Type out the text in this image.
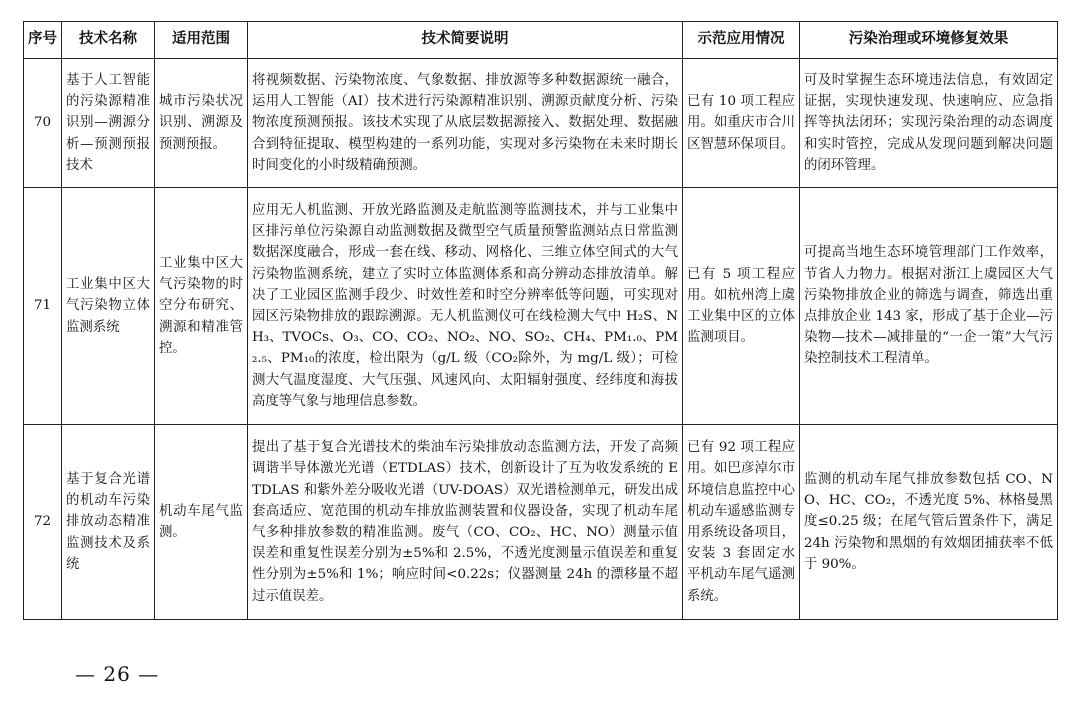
序号	技术名称	适用范围	技术简要说明	示范应用情况	污染治理或环境修复效果
70	基于人工智能的污染源精准识别—溯源分析—预测预报技术	城市污染状况识别、溯源及预测预报。	将视频数据、污染物浓度、气象数据、排放源等多种数据源统一融合，运用人工智能（AI）技术进行污染源精准识别、溯源贡献度分析、污染物浓度预测预报。该技术实现了从底层数据源接入、数据处理、数据融合到特征提取、模型构建的一系列功能，实现对多污染物在未来时期长时间变化的小时级精确预测。	已有 10 项工程应用。如重庆市合川区智慧环保项目。	可及时掌握生态环境违法信息，有效固定证据，实现快速发现、快速响应、应急指挥等执法闭环；实现污染治理的动态调度和实时管控，完成从发现问题到解决问题的闭环管理。
71	工业集中区大气污染物立体监测系统	工业集中区大气污染物的时空分布研究、溯源和精准管控。	应用无人机监测、开放光路监测及走航监测等监测技术，并与工业集中区排污单位污染源自动监测数据及微型空气质量预警监测站点日常监测数据深度融合，形成一套在线、移动、网格化、三维立体空间式的大气污染物监测系统，建立了实时立体监测体系和高分辨动态排放清单。解决了工业园区监测手段少、时效性差和时空分辨率低等问题，可实现对园区污染物排放的跟踪溯源。无人机监测仪可在线检测大气中 H₂S、NH₃、TVOCs、O₃、CO、CO₂、NO₂、NO、SO₂、CH₄、PM₁.₀、PM₂.₅、PM₁₀的浓度，检出限为（g/L 级（CO₂除外，为 mg/L 级）；可检测大气温度湿度、大气压强、风速风向、太阳辐射强度、经纬度和海拔高度等气象与地理信息参数。	已有 5 项工程应用。如杭州湾上虞工业集中区的立体监测项目。	可提高当地生态环境管理部门工作效率，节省人力物力。根据对浙江上虞园区大气污染物排放企业的筛选与调查，筛选出重点排放企业 143 家，形成了基于企业—污染物—技术—减排量的“一企一策”大气污染控制技术工程清单。
72	基于复合光谱的机动车污染排放动态精准监测技术及系统	机动车尾气监测。	提出了基于复合光谱技术的柴油车污染排放动态监测方法，开发了高频调谐半导体激光光谱（ETDLAS）技术，创新设计了互为收发系统的 ETDLAS 和紫外差分吸收光谱（UV-DOAS）双光谱检测单元，研发出成套高适应、宽范围的机动车排放监测装置和仪器设备，实现了机动车尾气多种排放参数的精准监测。废气（CO、CO₂、HC、NO）测量示值误差和重复性误差分别为±5%和 2.5%，不透光度测量示值误差和重复性分别为±5%和 1%；响应时间<0.22s；仪器测量 24h 的漂移量不超过示值误差。	已有 92 项工程应用。如巴彦淖尔市环境信息监控中心机动车遥感监测专用系统设备项目，安装 3 套固定水平机动车尾气遥测系统。	监测的机动车尾气排放参数包括 CO、NO、HC、CO₂，不透光度 5%、林格曼黑度≤0.25 级；在尾气管后置条件下，满足 24h 污染物和黑烟的有效烟团捕获率不低于 90%。
— 26 —
